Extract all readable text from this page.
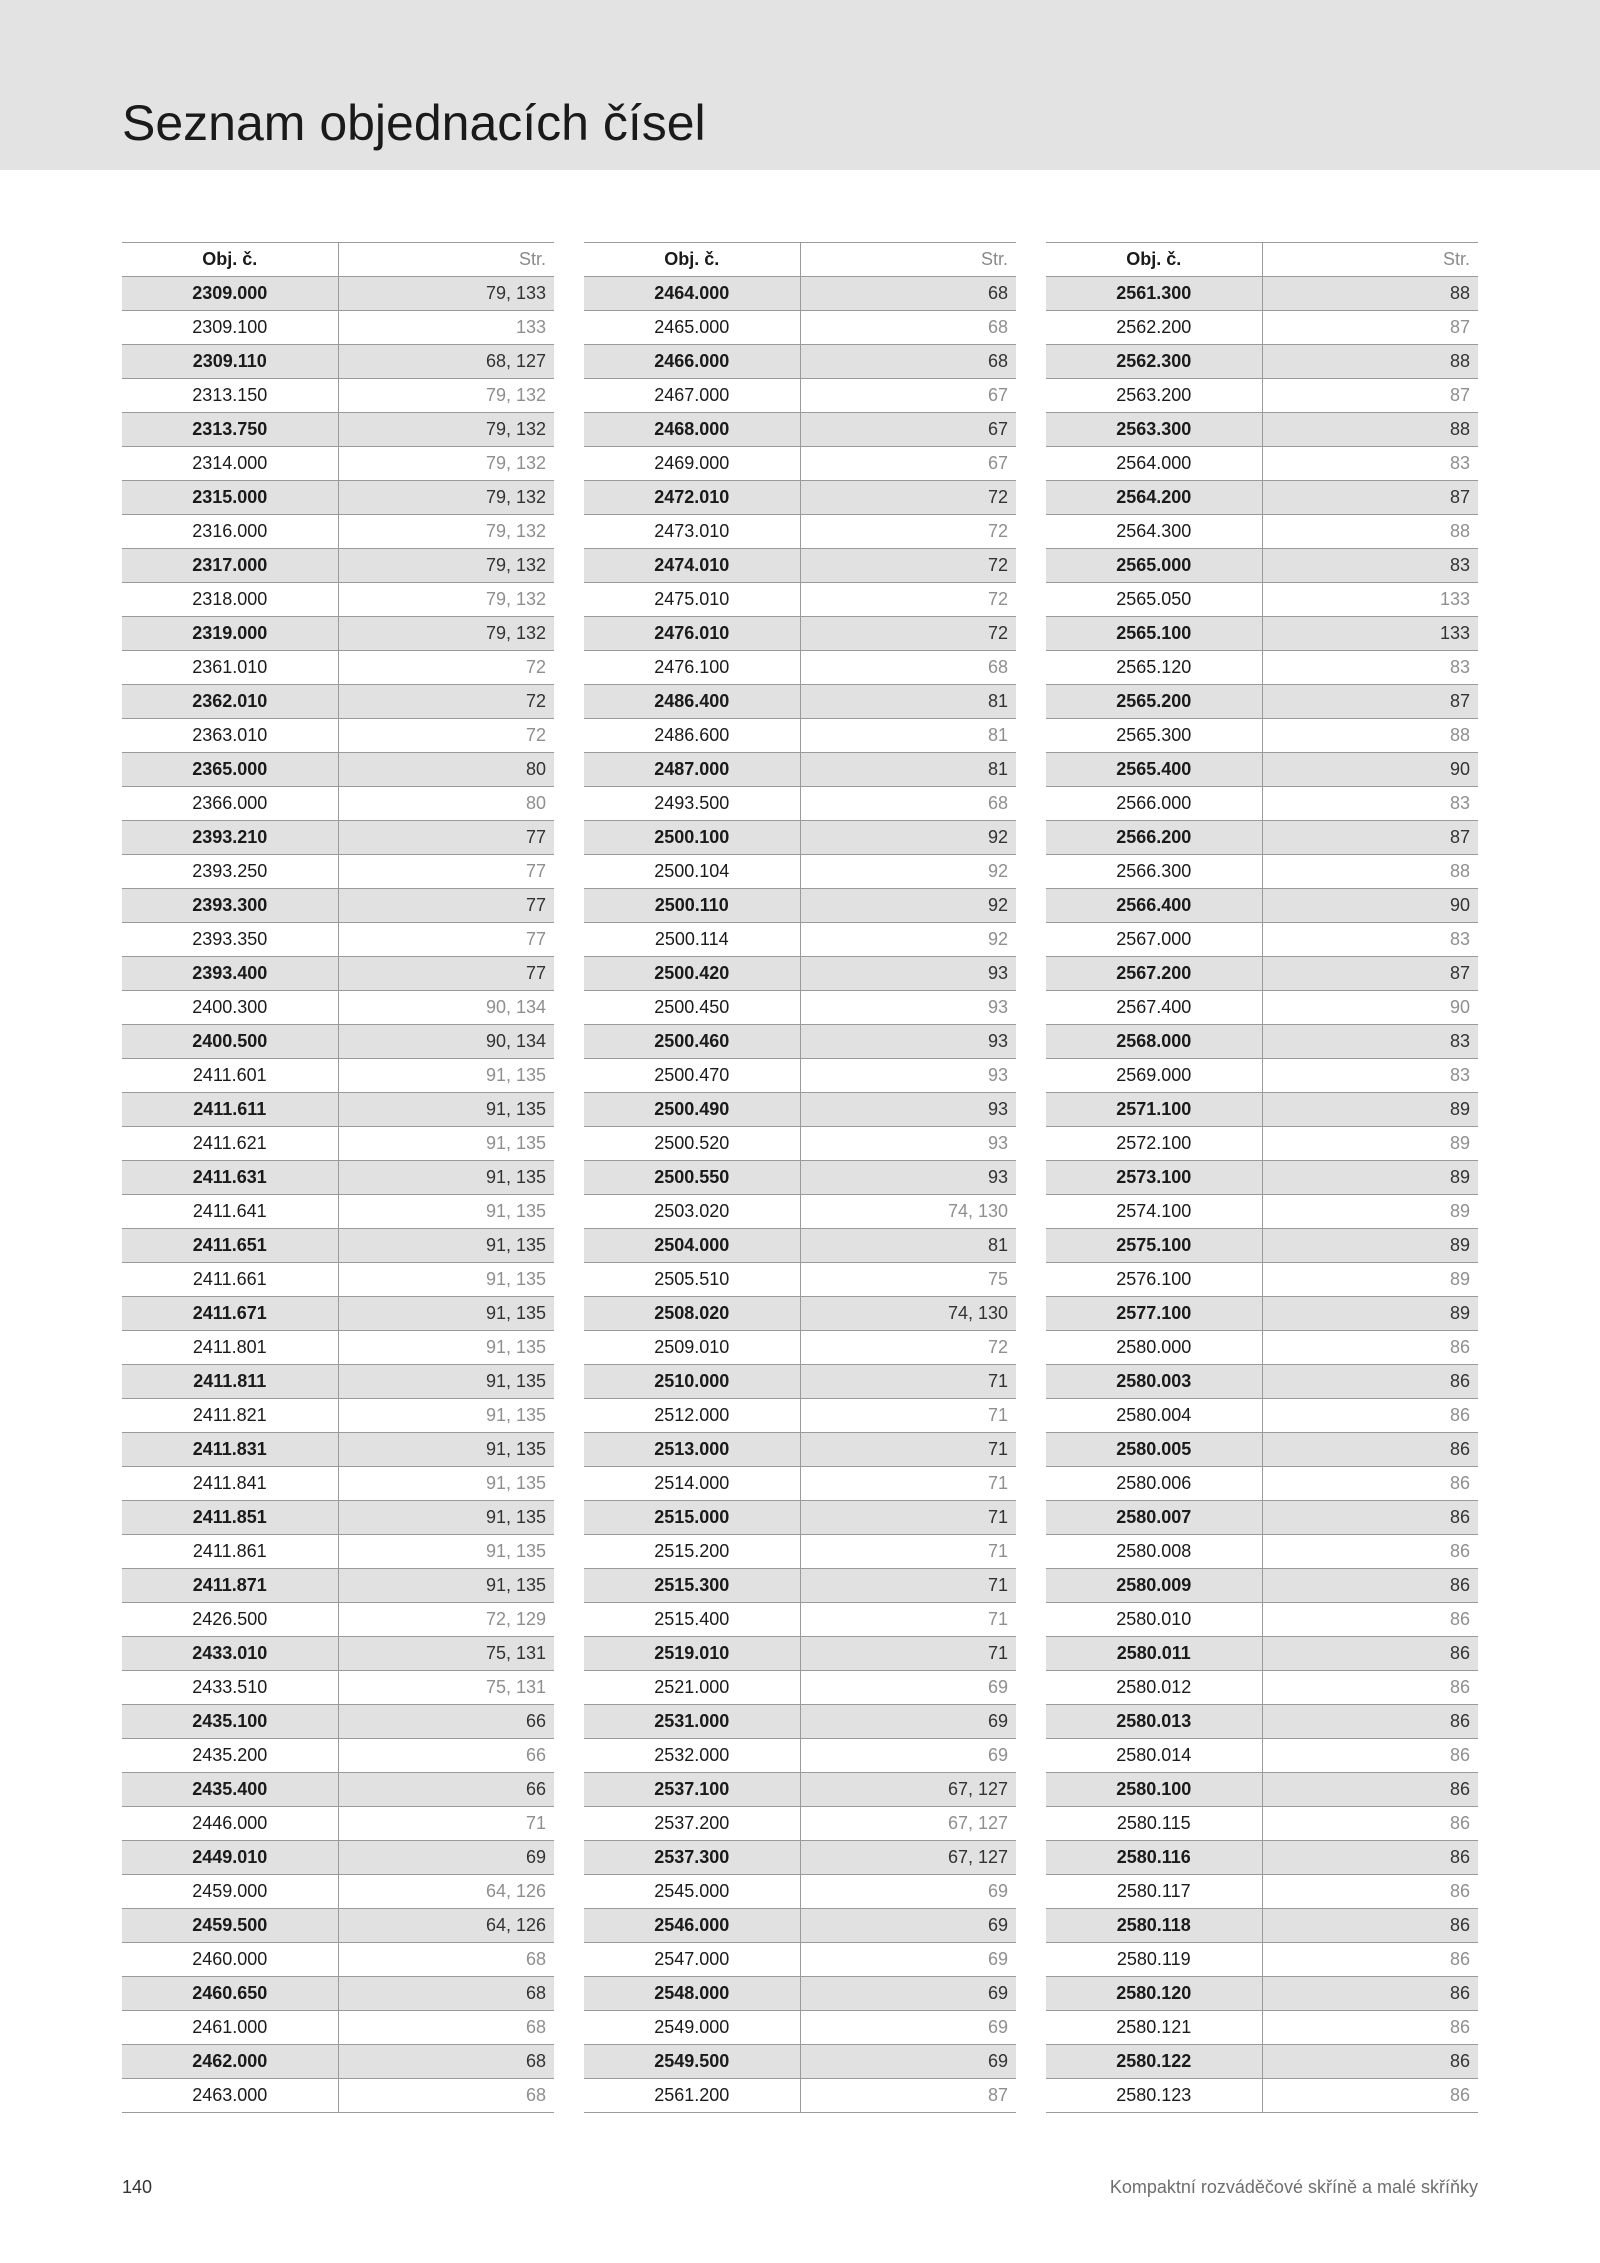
Seznam objednacích čísel
Obj. č.	Str.
2309.000	79, 133
2309.100	133
2309.110	68, 127
2313.150	79, 132
2313.750	79, 132
2314.000	79, 132
2315.000	79, 132
2316.000	79, 132
2317.000	79, 132
2318.000	79, 132
2319.000	79, 132
2361.010	72
2362.010	72
2363.010	72
2365.000	80
2366.000	80
2393.210	77
2393.250	77
2393.300	77
2393.350	77
2393.400	77
2400.300	90, 134
2400.500	90, 134
2411.601	91, 135
2411.611	91, 135
2411.621	91, 135
2411.631	91, 135
2411.641	91, 135
2411.651	91, 135
2411.661	91, 135
2411.671	91, 135
2411.801	91, 135
2411.811	91, 135
2411.821	91, 135
2411.831	91, 135
2411.841	91, 135
2411.851	91, 135
2411.861	91, 135
2411.871	91, 135
2426.500	72, 129
2433.010	75, 131
2433.510	75, 131
2435.100	66
2435.200	66
2435.400	66
2446.000	71
2449.010	69
2459.000	64, 126
2459.500	64, 126
2460.000	68
2460.650	68
2461.000	68
2462.000	68
2463.000	68
Obj. č.	Str.
2464.000	68
2465.000	68
2466.000	68
2467.000	67
2468.000	67
2469.000	67
2472.010	72
2473.010	72
2474.010	72
2475.010	72
2476.010	72
2476.100	68
2486.400	81
2486.600	81
2487.000	81
2493.500	68
2500.100	92
2500.104	92
2500.110	92
2500.114	92
2500.420	93
2500.450	93
2500.460	93
2500.470	93
2500.490	93
2500.520	93
2500.550	93
2503.020	74, 130
2504.000	81
2505.510	75
2508.020	74, 130
2509.010	72
2510.000	71
2512.000	71
2513.000	71
2514.000	71
2515.000	71
2515.200	71
2515.300	71
2515.400	71
2519.010	71
2521.000	69
2531.000	69
2532.000	69
2537.100	67, 127
2537.200	67, 127
2537.300	67, 127
2545.000	69
2546.000	69
2547.000	69
2548.000	69
2549.000	69
2549.500	69
2561.200	87
Obj. č.	Str.
2561.300	88
2562.200	87
2562.300	88
2563.200	87
2563.300	88
2564.000	83
2564.200	87
2564.300	88
2565.000	83
2565.050	133
2565.100	133
2565.120	83
2565.200	87
2565.300	88
2565.400	90
2566.000	83
2566.200	87
2566.300	88
2566.400	90
2567.000	83
2567.200	87
2567.400	90
2568.000	83
2569.000	83
2571.100	89
2572.100	89
2573.100	89
2574.100	89
2575.100	89
2576.100	89
2577.100	89
2580.000	86
2580.003	86
2580.004	86
2580.005	86
2580.006	86
2580.007	86
2580.008	86
2580.009	86
2580.010	86
2580.011	86
2580.012	86
2580.013	86
2580.014	86
2580.100	86
2580.115	86
2580.116	86
2580.117	86
2580.118	86
2580.119	86
2580.120	86
2580.121	86
2580.122	86
2580.123	86
140	Kompaktní rozváděčové skříně a malé skříňky
